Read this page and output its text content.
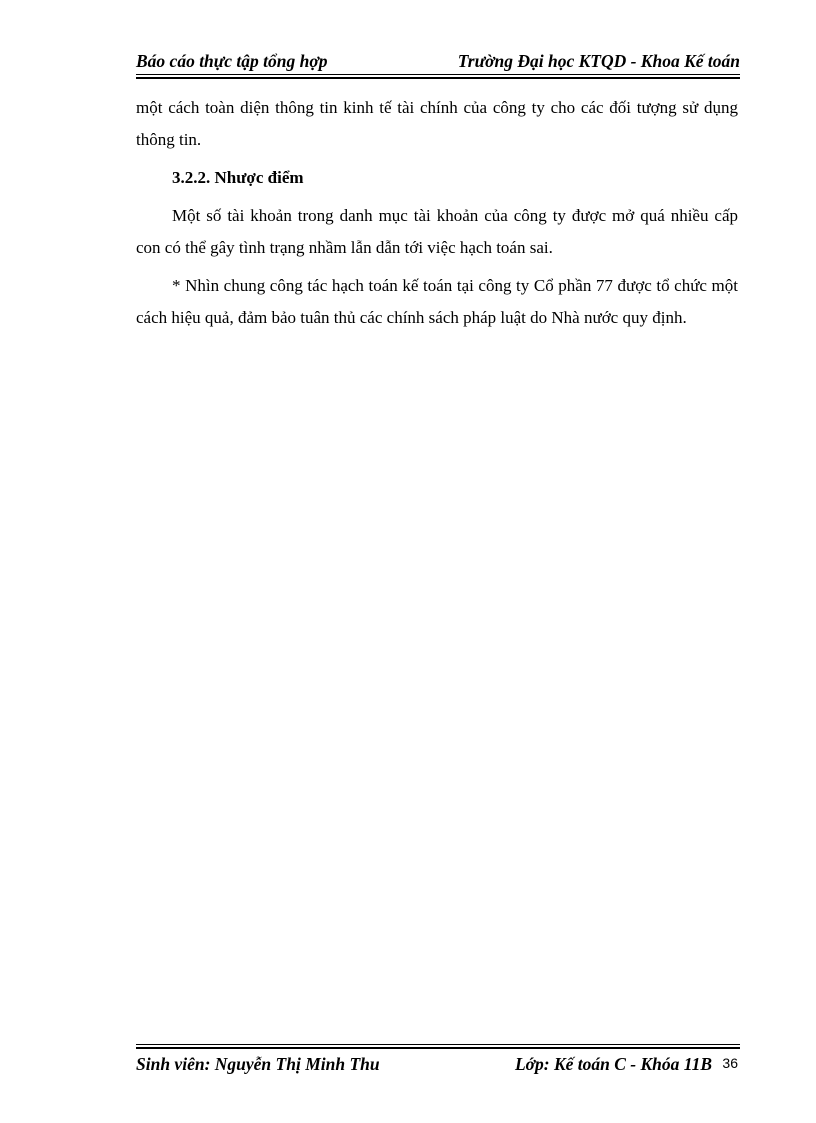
Báo cáo thực tập tổng hợp	Trường Đại học KTQD - Khoa Kế toán

một cách toàn diện thông tin kinh tế tài chính của công ty cho các đối tượng sử dụng thông tin.

3.2.2. Nhược điểm

Một số tài khoản trong danh mục tài khoản của công ty được mở quá nhiều cấp con có thể gây tình trạng nhầm lẫn dẫn tới việc hạch toán sai.

* Nhìn chung công tác hạch toán kế toán tại công ty Cổ phần 77 được tổ chức một cách hiệu quả, đảm bảo tuân thủ các chính sách pháp luật do Nhà nước quy định.

Sinh viên: Nguyễn Thị Minh Thu	Lớp: Kế toán C - Khóa 11B 36
